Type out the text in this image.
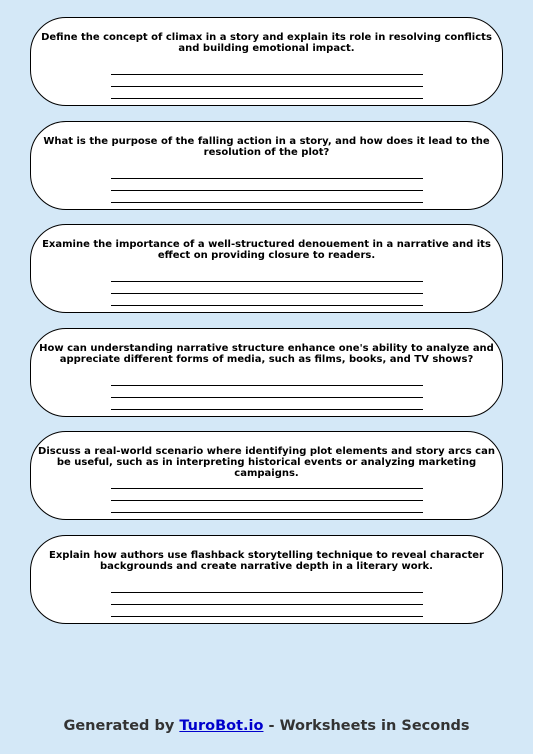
Define the concept of climax in a story and explain its role in resolving conflicts and building emotional impact.
What is the purpose of the falling action in a story, and how does it lead to the resolution of the plot?
Examine the importance of a well-structured denouement in a narrative and its effect on providing closure to readers.
How can understanding narrative structure enhance one's ability to analyze and appreciate different forms of media, such as films, books, and TV shows?
Discuss a real-world scenario where identifying plot elements and story arcs can be useful, such as in interpreting historical events or analyzing marketing campaigns.
Explain how authors use flashback storytelling technique to reveal character backgrounds and create narrative depth in a literary work.
Generated by TuroBot.io - Worksheets in Seconds
